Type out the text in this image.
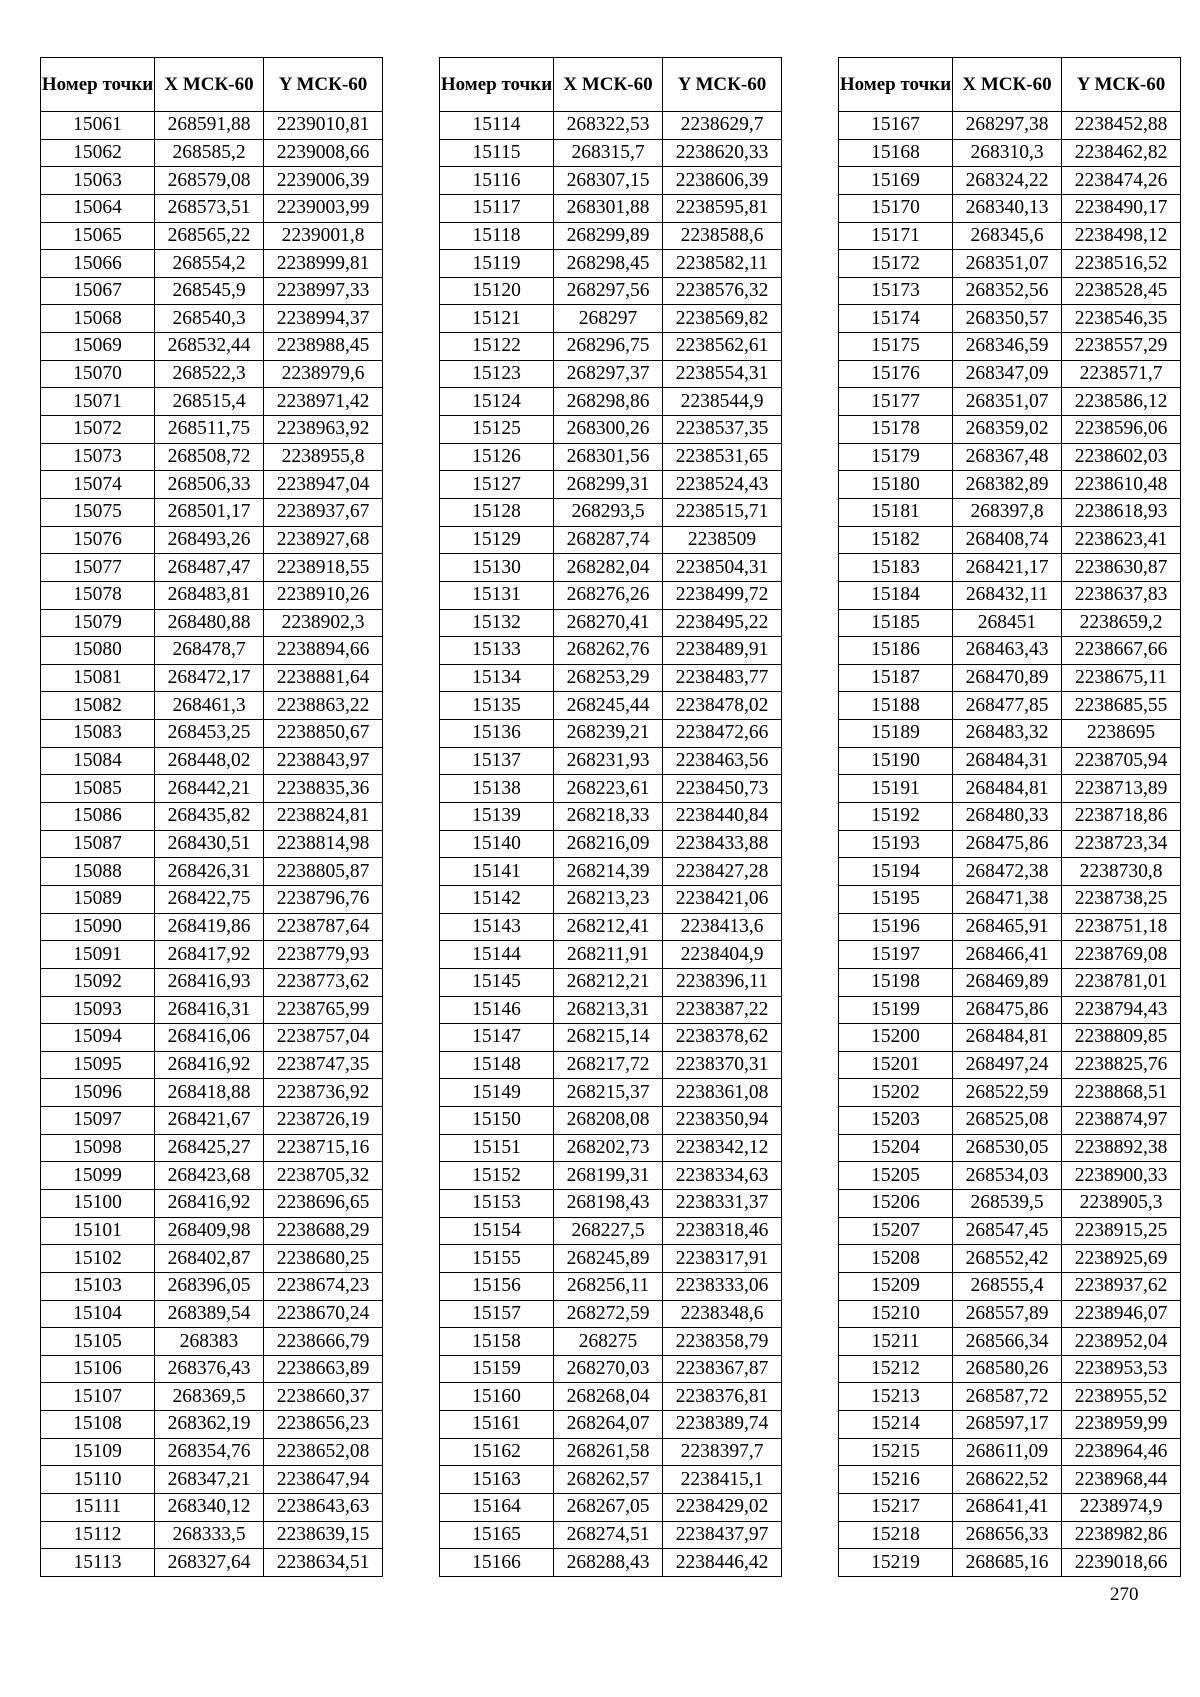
Номер точки	X МСК-60	Y МСК-60
15061	268591,88	2239010,81
15062	268585,2	2239008,66
15063	268579,08	2239006,39
15064	268573,51	2239003,99
15065	268565,22	2239001,8
15066	268554,2	2238999,81
15067	268545,9	2238997,33
15068	268540,3	2238994,37
15069	268532,44	2238988,45
15070	268522,3	2238979,6
15071	268515,4	2238971,42
15072	268511,75	2238963,92
15073	268508,72	2238955,8
15074	268506,33	2238947,04
15075	268501,17	2238937,67
15076	268493,26	2238927,68
15077	268487,47	2238918,55
15078	268483,81	2238910,26
15079	268480,88	2238902,3
15080	268478,7	2238894,66
15081	268472,17	2238881,64
15082	268461,3	2238863,22
15083	268453,25	2238850,67
15084	268448,02	2238843,97
15085	268442,21	2238835,36
15086	268435,82	2238824,81
15087	268430,51	2238814,98
15088	268426,31	2238805,87
15089	268422,75	2238796,76
15090	268419,86	2238787,64
15091	268417,92	2238779,93
15092	268416,93	2238773,62
15093	268416,31	2238765,99
15094	268416,06	2238757,04
15095	268416,92	2238747,35
15096	268418,88	2238736,92
15097	268421,67	2238726,19
15098	268425,27	2238715,16
15099	268423,68	2238705,32
15100	268416,92	2238696,65
15101	268409,98	2238688,29
15102	268402,87	2238680,25
15103	268396,05	2238674,23
15104	268389,54	2238670,24
15105	268383	2238666,79
15106	268376,43	2238663,89
15107	268369,5	2238660,37
15108	268362,19	2238656,23
15109	268354,76	2238652,08
15110	268347,21	2238647,94
15111	268340,12	2238643,63
15112	268333,5	2238639,15
15113	268327,64	2238634,51
Номер точки	X МСК-60	Y МСК-60
15114	268322,53	2238629,7
15115	268315,7	2238620,33
15116	268307,15	2238606,39
15117	268301,88	2238595,81
15118	268299,89	2238588,6
15119	268298,45	2238582,11
15120	268297,56	2238576,32
15121	268297	2238569,82
15122	268296,75	2238562,61
15123	268297,37	2238554,31
15124	268298,86	2238544,9
15125	268300,26	2238537,35
15126	268301,56	2238531,65
15127	268299,31	2238524,43
15128	268293,5	2238515,71
15129	268287,74	2238509
15130	268282,04	2238504,31
15131	268276,26	2238499,72
15132	268270,41	2238495,22
15133	268262,76	2238489,91
15134	268253,29	2238483,77
15135	268245,44	2238478,02
15136	268239,21	2238472,66
15137	268231,93	2238463,56
15138	268223,61	2238450,73
15139	268218,33	2238440,84
15140	268216,09	2238433,88
15141	268214,39	2238427,28
15142	268213,23	2238421,06
15143	268212,41	2238413,6
15144	268211,91	2238404,9
15145	268212,21	2238396,11
15146	268213,31	2238387,22
15147	268215,14	2238378,62
15148	268217,72	2238370,31
15149	268215,37	2238361,08
15150	268208,08	2238350,94
15151	268202,73	2238342,12
15152	268199,31	2238334,63
15153	268198,43	2238331,37
15154	268227,5	2238318,46
15155	268245,89	2238317,91
15156	268256,11	2238333,06
15157	268272,59	2238348,6
15158	268275	2238358,79
15159	268270,03	2238367,87
15160	268268,04	2238376,81
15161	268264,07	2238389,74
15162	268261,58	2238397,7
15163	268262,57	2238415,1
15164	268267,05	2238429,02
15165	268274,51	2238437,97
15166	268288,43	2238446,42
Номер точки	X МСК-60	Y МСК-60
15167	268297,38	2238452,88
15168	268310,3	2238462,82
15169	268324,22	2238474,26
15170	268340,13	2238490,17
15171	268345,6	2238498,12
15172	268351,07	2238516,52
15173	268352,56	2238528,45
15174	268350,57	2238546,35
15175	268346,59	2238557,29
15176	268347,09	2238571,7
15177	268351,07	2238586,12
15178	268359,02	2238596,06
15179	268367,48	2238602,03
15180	268382,89	2238610,48
15181	268397,8	2238618,93
15182	268408,74	2238623,41
15183	268421,17	2238630,87
15184	268432,11	2238637,83
15185	268451	2238659,2
15186	268463,43	2238667,66
15187	268470,89	2238675,11
15188	268477,85	2238685,55
15189	268483,32	2238695
15190	268484,31	2238705,94
15191	268484,81	2238713,89
15192	268480,33	2238718,86
15193	268475,86	2238723,34
15194	268472,38	2238730,8
15195	268471,38	2238738,25
15196	268465,91	2238751,18
15197	268466,41	2238769,08
15198	268469,89	2238781,01
15199	268475,86	2238794,43
15200	268484,81	2238809,85
15201	268497,24	2238825,76
15202	268522,59	2238868,51
15203	268525,08	2238874,97
15204	268530,05	2238892,38
15205	268534,03	2238900,33
15206	268539,5	2238905,3
15207	268547,45	2238915,25
15208	268552,42	2238925,69
15209	268555,4	2238937,62
15210	268557,89	2238946,07
15211	268566,34	2238952,04
15212	268580,26	2238953,53
15213	268587,72	2238955,52
15214	268597,17	2238959,99
15215	268611,09	2238964,46
15216	268622,52	2238968,44
15217	268641,41	2238974,9
15218	268656,33	2238982,86
15219	268685,16	2239018,66
270
